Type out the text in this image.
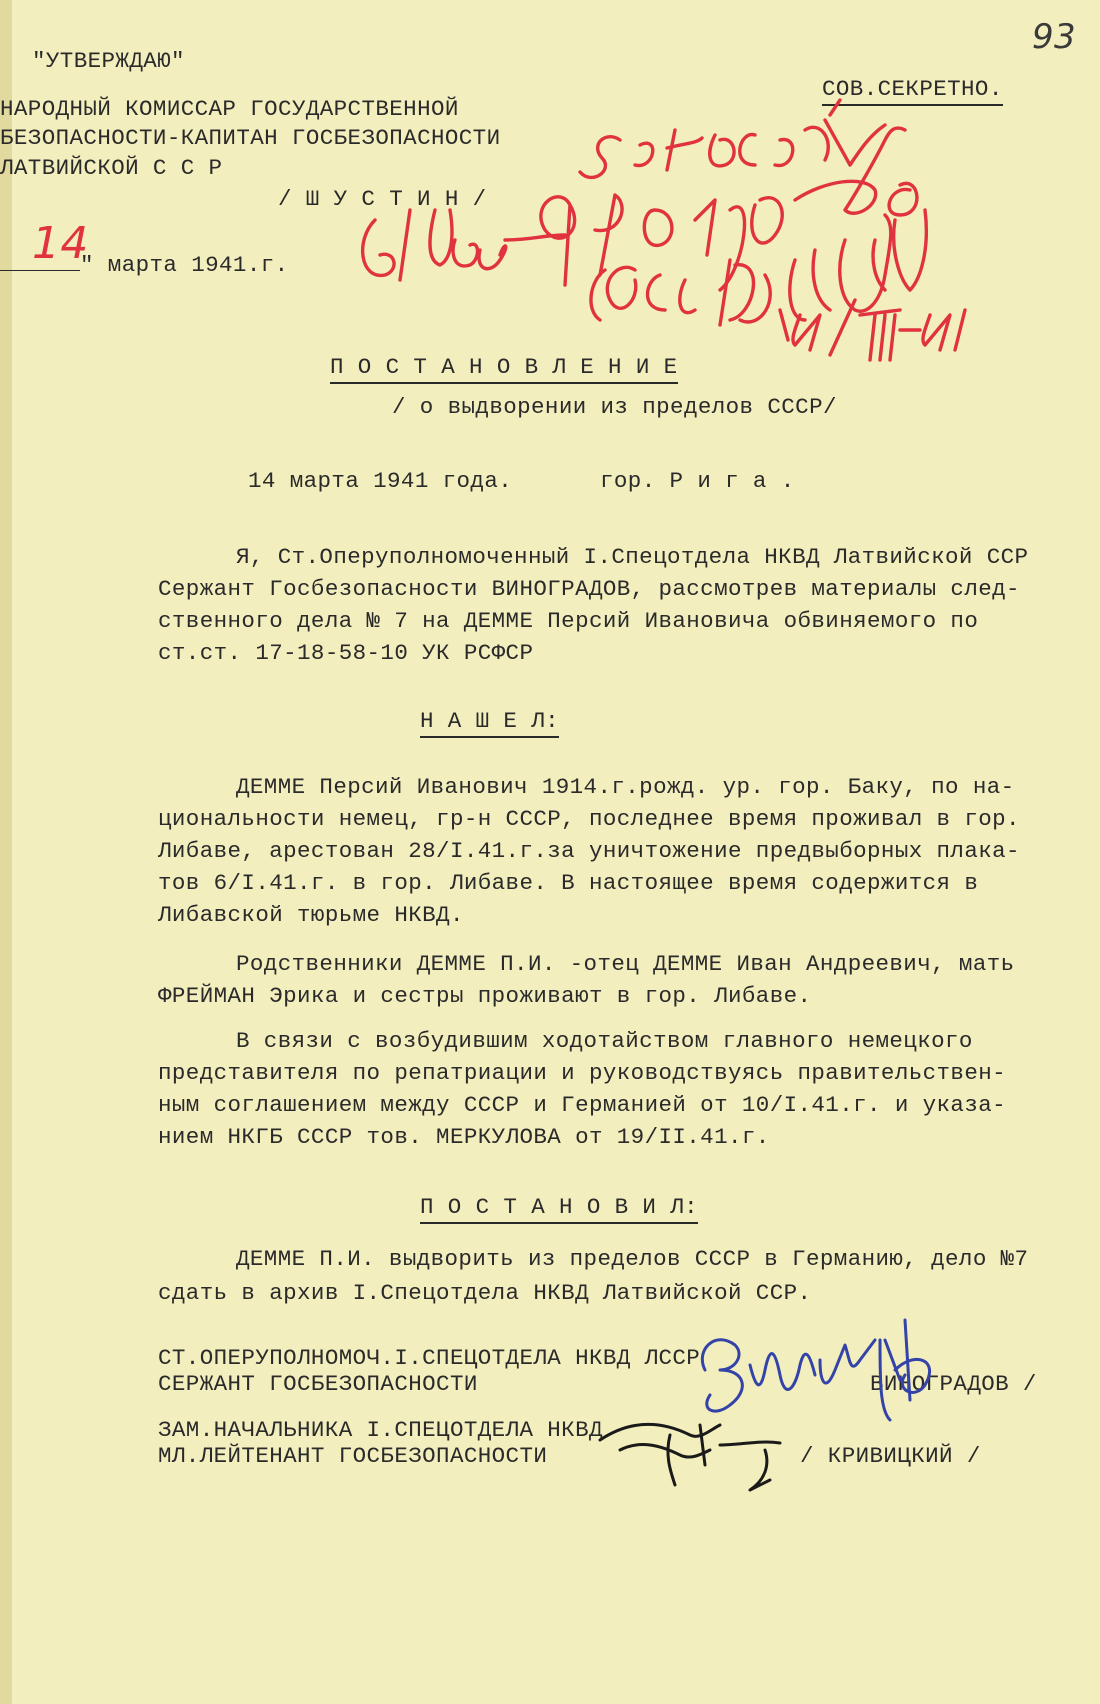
"УТВЕРЖДАЮ"
НАРОДНЫЙ КОМИССАР ГОСУДАРСТВЕННОЙ
БЕЗОПАСНОСТИ-КАПИТАН ГОСБЕЗОПАСНОСТИ
ЛАТВИЙСКОЙ С С Р
/ Ш У С Т И Н /
" марта 1941.г.
14
СОВ.СЕКРЕТНО.
93
П О С Т А Н О В Л Е Н И Е
/ о выдворении из пределов СССР/
14 марта 1941 года.	гор. Р и г а .
Я, Ст.Оперуполномоченный I.Спецотдела НКВД Латвийской ССР
Сержант Госбезопасности ВИНОГРАДОВ, рассмотрев материалы след-
ственного дела № 7 на ДЕММЕ Персий Ивановича обвиняемого по
ст.ст. 17-18-58-10 УК РСФСР
Н А Ш Е Л:
ДЕММЕ Персий Иванович 1914.г.рожд. ур. гор. Баку, по на-
циональности немец, гр-н СССР, последнее время проживал в гор.
Либаве, арестован 28/I.41.г.за уничтожение предвыборных плака-
тов 6/I.41.г. в гор. Либаве. В настоящее время содержится в
Либавской тюрьме НКВД.
Родственники ДЕММЕ П.И. -отец ДЕММЕ Иван Андреевич, мать
ФРЕЙМАН Эрика и сестры проживают в гор. Либаве.
В связи с возбудившим ходотайством главного немецкого
представителя по репатриации и руководствуясь правительствен-
ным соглашением между СССР и Германией от 10/I.41.г. и указа-
нием НКГБ СССР тов. МЕРКУЛОВА от 19/II.41.г.
П О С Т А Н О В И Л:
ДЕММЕ П.И. выдворить из пределов СССР в Германию, дело №7
сдать в архив I.Спецотдела НКВД Латвийской ССР.
СТ.ОПЕРУПОЛНОМОЧ.I.СПЕЦОТДЕЛА НКВД ЛССР
СЕРЖАНТ ГОСБЕЗОПАСНОСТИ	ВИНОГРАДОВ /
ЗАМ.НАЧАЛЬНИКА I.СПЕЦОТДЕЛА НКВД
МЛ.ЛЕЙТЕНАНТ ГОСБЕЗОПАСНОСТИ	/ КРИВИЦКИЙ /
